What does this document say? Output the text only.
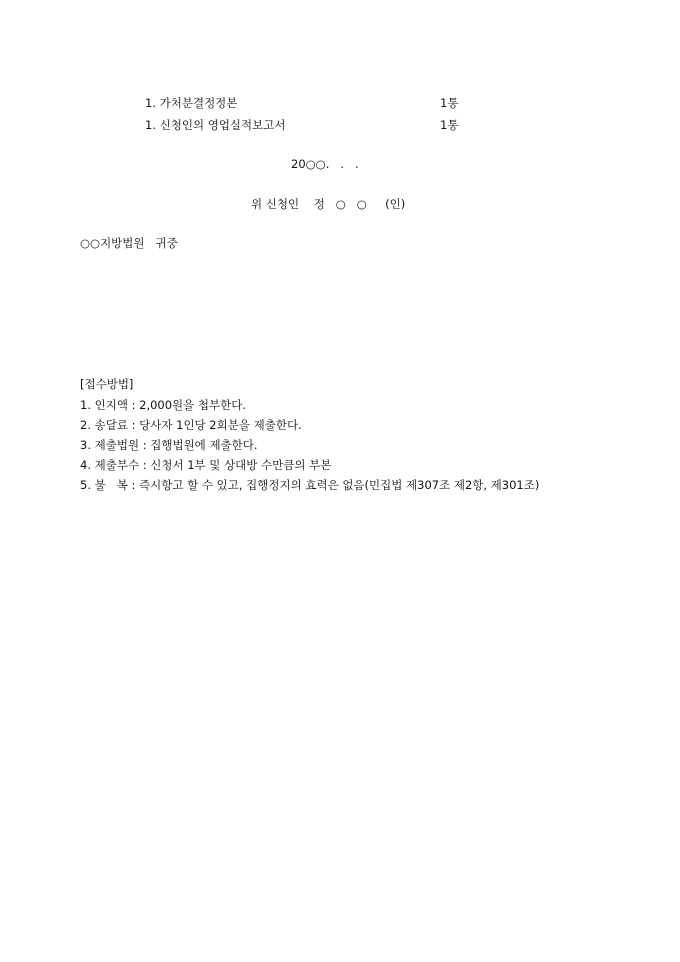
1. 가처분결정정본	1통
1. 신청인의 영업실적보고서	1통
20○○.   .   .
위 신청인    정   ○   ○     (인)
○○지방법원   귀중
[접수방법]
1. 인지액 : 2,000원을 첩부한다.
2. 송달료 : 당사자 1인당 2회분을 제출한다.
3. 제출법원 : 집행법원에 제출한다.
4. 제출부수 : 신청서 1부 및 상대방 수만큼의 부본
5. 불   복 : 즉시항고 할 수 있고, 집행정지의 효력은 없음(민집법 제307조 제2항, 제301조)
